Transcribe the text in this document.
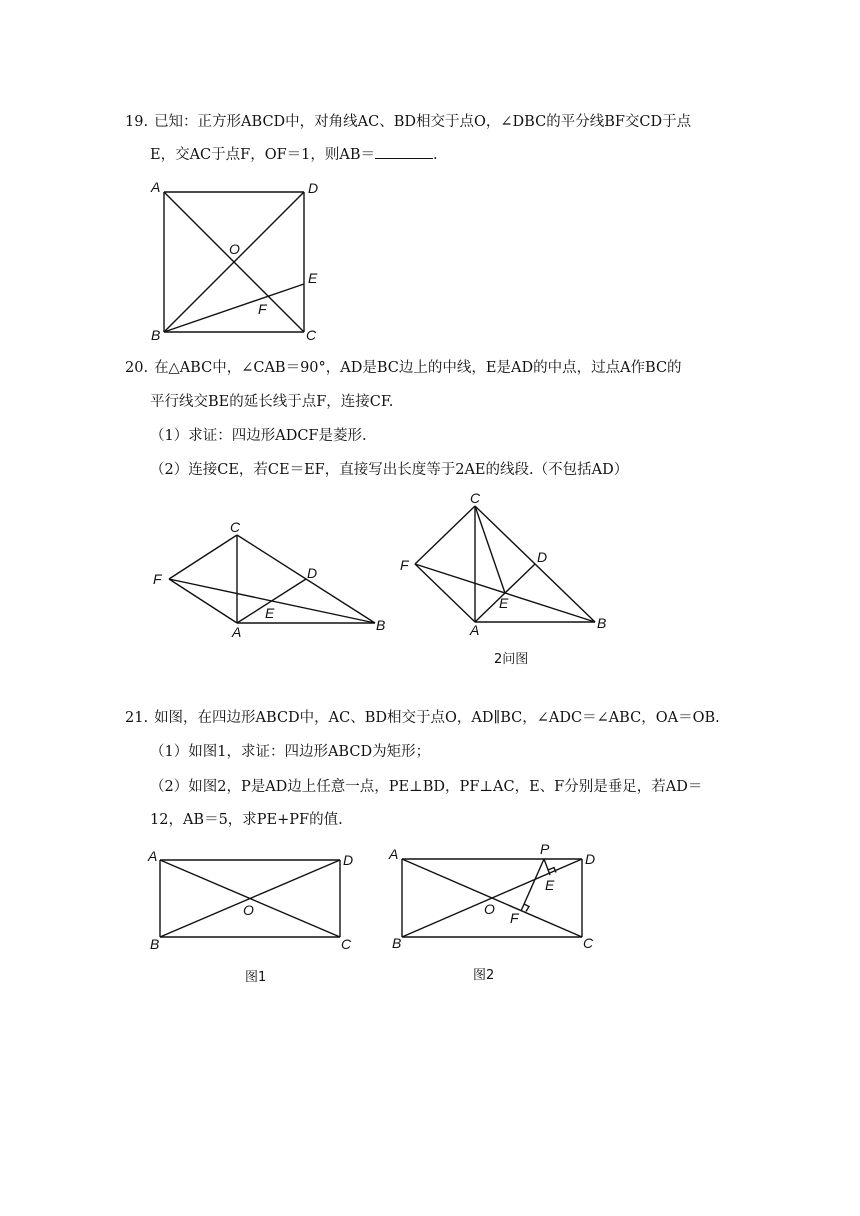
19. 已知：正方形ABCD中，对角线AC、BD相交于点O，∠DBC的平分线BF交CD于点
E，交AC于点F，OF＝1，则AB＝	.
A	D
O
E
F
B	C
20. 在△ABC中，∠CAB＝90°，AD是BC边上的中线，E是AD的中点，过点A作BC的
平行线交BE的延长线于点F，连接CF.
（1）求证：四边形ADCF是菱形.
（2）连接CE，若CE＝EF，直接写出长度等于2AE的线段.（不包括AD）
C
F	D
E
A	B
C
F	D
E
A	B
2问图
21. 如图，在四边形ABCD中，AC、BD相交于点O，AD∥BC，∠ADC＝∠ABC，OA＝OB.
（1）如图1，求证：四边形ABCD为矩形；
（2）如图2，P是AD边上任意一点，PE⊥BD，PF⊥AC，E、F分别是垂足，若AD＝
12，AB＝5，求PE+PF的值.
A	D
O
B	C
图1
P
A	D
E
O
F
B	C
图2
